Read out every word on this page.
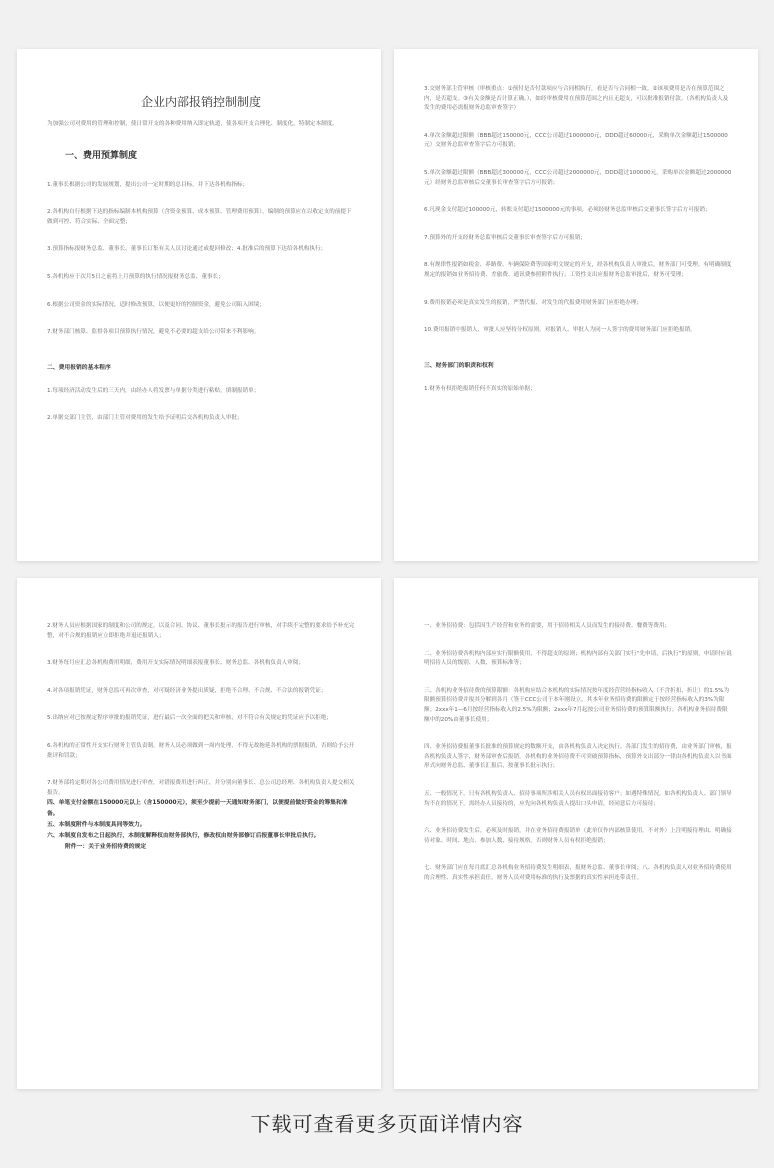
企业内部报销控制制度

为加强公司对费用的管理和控制，使日常开支的各种费用纳入即定轨道，使各项开支合理化、制度化，特制定本制度。

一、费用预算制度

1.董事长根据公司的发展规划，提出公司一定时期的总目标，并下达各机构指标；

2.各机构自行根据下达的指标编制本机构预算（含资金预算、成本预算、管理费用预算），编制的预算应在以收定支的前提下做到可控、符合实际、全面完整；

3.预算指标报财务总监、董事长、董事长订集有关人员讨论通过或提回修改；4.批准后的预算下达给各机构执行；

5.各机构应于次月5日之前将上月预算的执行情况报财务总监、董事长；

6.根据公司资金的实际情况，适时修改预算，以便更好的控制资金，避免公司陷入困境；

7.财务部门核算、监督各项目预算执行情况，避免不必要的超支给公司带来不利影响。

二、费用报销的基本程序

1.每项经济活动发生后的三天内，由经办人将发票与单据分类进行粘贴，填制报销单；

2.单据交部门主管，由部门主管对费用的发生给予证明后交各机构负责人审批；

3.交财务部主管审核（审核重点：①预付是否付款项应与合同相执行，看是否与合同相一致。②该项费用是否在预算范围之内，是否超支。③有关金额是否计算正确。），如经审核费用在预算范围之内且无超支，可以批准报销付款。（各机构负责人及发生的费用必需报财务总监审查签字）

4.单次金额超过限额（BBB超过150000元，CCC公司超过1000000元，DDD超过60000元，采购单次金额超过1500000元）交财务总监审查签字后方可报销；

5.单次金额超过限额（BBB超过300000元，CCC公司超过2000000元，DDD超过100000元，采购单次金额超过2000000元）经财务总监审核后交董事长审查签字后方可报销；

6.凡现金支付超过100000元，转账支付超过1500000元的事项，必须经财务总监审核后交董事长签字后方可报销；

7.预算外的开支经财务总监审核后交董事长审查签字后方可报销；

8.有规律性报销如税金、养路费、车辆保险费等国家明文规定的开支，经各机构负责人审批后，财务部门可受理。有明确制度规定的报销如业务招待费、差旅费、通讯费参照附件执行；工资性支出应报财务总监审批后，财务可受理；

9.费用报销必须是真实发生的报销，严禁代报、对发生的代报费用财务部门应拒绝办理；

10.费用报销中报销人、审批人应坚持分权原则，对报销人、审批人为同一人签字的费用财务部门应拒绝报销。

三、财务部门的职责和权利

1.财务有权拒绝报销任何不真实的原始单据；

2.财务人员应根据国家的制度和公司的规定，以及合同、协议、董事长批示的报告进行审核，对手续不完整的要求给予补充完整，对不合规的报销应立即拒绝并退还报销人；

3.财务每月应汇总各机构费用明细，费用开支实际情况明细表报董事长、财务总监、各机构负责人审阅；

4.对各项报销凭证，财务总监可再次审查，对可疑经济业务提出质疑，拒绝不合理、不合规、不合法的报销凭证；

5.出纳应对已按规定程序审批的报销凭证，进行最后一次全面的把关和审核，对不符合有关规定的凭证应予以拒绝；

6.各机构的正常性开支实行财务主管负责制，财务人员必须做到一周内处理，不得无故拖延各机构的票据报销，否则给予公开批评和罚款；

7.财务部将定期对各公司费用情况进行审查，对错报费用进行纠正，并分别向董事长、总公司总经理、各机构负责人提交相关报告。

四、单笔支付金额在150000元以上（含150000元），须至少提前一天通知财务部门，以便提前做好资金的筹集和准备。

五、本制度附件与本制度具同等效力。

六、本制度自发布之日起执行，本制度解释权由财务部执行，修改权由财务部修订后报董事长审批后执行。

附件一：关于业务招待费的规定

一、业务招待费：包括因生产经营和业务的需要，用于招待相关人员而发生的接待费、餐费等费用；

二、业务招待费各机构内部应实行限额使用，不得超支的原则；机构内部有关部门实行“先申请，后执行”的原则，申请时应说明招待人员的级别、人数、预算标准等；

三、各机构业务招待费的预算限额：各机构应结合本机构的实际情况按年度经营营经指标收入（不含折扣、折让）的1.5%为限额预算招待费并报其分解到各月（签于CCC公司于本年刚设立，其本年业务招待费的限额定于按经营指标收入的3%为限额；2xxx年1—6月按经营指标收入的2.5%为限额；2xxx年7月起按公司业务招待费的预算限额执行；各机构业务招待费限额中的20%由董事长使用；

四、业务招待费报董事长批准的预算规定的数额开支，由各机构负责人决定执行。各部门发生的招待费，由业务部门审核，报各机构负责人签字，财务部审查后报销。各机构的业务招待费不可突破预算指标，预算外支出部分一律由各机构负责人以书面形式向财务总监、董事长汇报后，按董事长批示执行；

五、一般情况下，只有各机构负责人、招待事项所涉相关人员有权出面接待客户；如遇特殊情况，如各机构负责人、部门领导均不在的情况下，需经办人员接待的，应先向各机构负责人提出口头申请，经同意后方可接待；

六、业务招待费发生后，必须及时报销，并在业务招待费报销单（此单仅作内部核算使用，不对外）上注明接待理由、明确接待对象、时间、地点、参加人数、接待规格，否则财务人员有权拒绝报销；

七、财务部门应在每月底汇总各机构业务招待费发生明细表，报财务总监、董事长审阅；八、各机构负责人对业务招待费使用的合理性、真实性承担责任，财务人员对费用标准的执行及票据的真实性承担连带责任。

下载可查看更多页面详情内容
